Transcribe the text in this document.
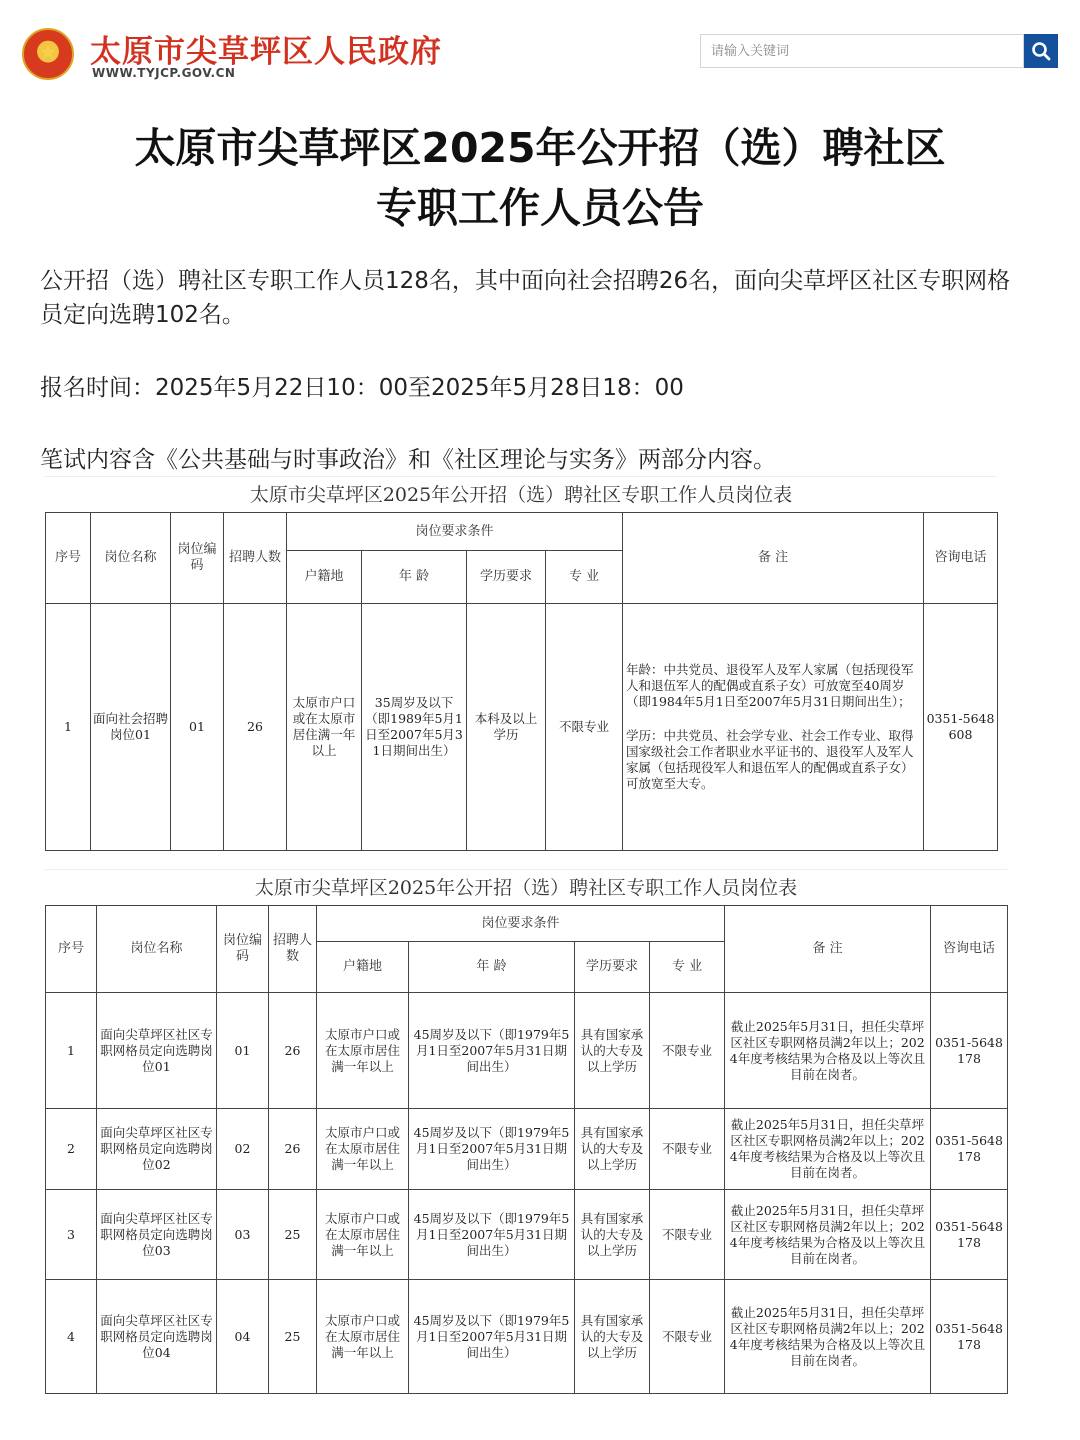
太原市尖草坪区人民政府
WWW.TYJCP.GOV.CN
请输入关键词
太原市尖草坪区2025年公开招（选）聘社区
专职工作人员公告
公开招（选）聘社区专职工作人员128名，其中面向社会招聘26名，面向尖草坪区社区专职网格员定向选聘102名。
报名时间：2025年5月22日10：00至2025年5月28日18：00
笔试内容含《公共基础与时事政治》和《社区理论与实务》两部分内容。
太原市尖草坪区2025年公开招（选）聘社区专职工作人员岗位表
序号	岗位名称	岗位编码	招聘人数	岗位要求条件				备 注	咨询电话
				户籍地	年 龄	学历要求	专 业		
1	面向社会招聘岗位01	01	26	太原市户口或在太原市居住满一年以上	35周岁及以下（即1989年5月1日至2007年5月31日期间出生）	本科及以上学历	不限专业	年龄：中共党员、退役军人及军人家属（包括现役军人和退伍军人的配偶或直系子女）可放宽至40周岁（即1984年5月1日至2007年5月31日期间出生）；
学历：中共党员、社会学专业、社会工作专业、取得国家级社会工作者职业水平证书的、退役军人及军人家属（包括现役军人和退伍军人的配偶或直系子女）可放宽至大专。	0351-5648608
太原市尖草坪区2025年公开招（选）聘社区专职工作人员岗位表
序号	岗位名称	岗位编码	招聘人数	岗位要求条件				备 注	咨询电话
				户籍地	年 龄	学历要求	专 业		
1	面向尖草坪区社区专职网格员定向选聘岗位01	01	26	太原市户口或在太原市居住满一年以上	45周岁及以下（即1979年5月1日至2007年5月31日期间出生）	具有国家承认的大专及以上学历	不限专业	截止2025年5月31日，担任尖草坪区社区专职网格员满2年以上；2024年度考核结果为合格及以上等次且目前在岗者。	0351-5648178
2	面向尖草坪区社区专职网格员定向选聘岗位02	02	26	太原市户口或在太原市居住满一年以上	45周岁及以下（即1979年5月1日至2007年5月31日期间出生）	具有国家承认的大专及以上学历	不限专业	截止2025年5月31日，担任尖草坪区社区专职网格员满2年以上；2024年度考核结果为合格及以上等次且目前在岗者。	0351-5648178
3	面向尖草坪区社区专职网格员定向选聘岗位03	03	25	太原市户口或在太原市居住满一年以上	45周岁及以下（即1979年5月1日至2007年5月31日期间出生）	具有国家承认的大专及以上学历	不限专业	截止2025年5月31日，担任尖草坪区社区专职网格员满2年以上；2024年度考核结果为合格及以上等次且目前在岗者。	0351-5648178
4	面向尖草坪区社区专职网格员定向选聘岗位04	04	25	太原市户口或在太原市居住满一年以上	45周岁及以下（即1979年5月1日至2007年5月31日期间出生）	具有国家承认的大专及以上学历	不限专业	截止2025年5月31日，担任尖草坪区社区专职网格员满2年以上；2024年度考核结果为合格及以上等次且目前在岗者。	0351-5648178
